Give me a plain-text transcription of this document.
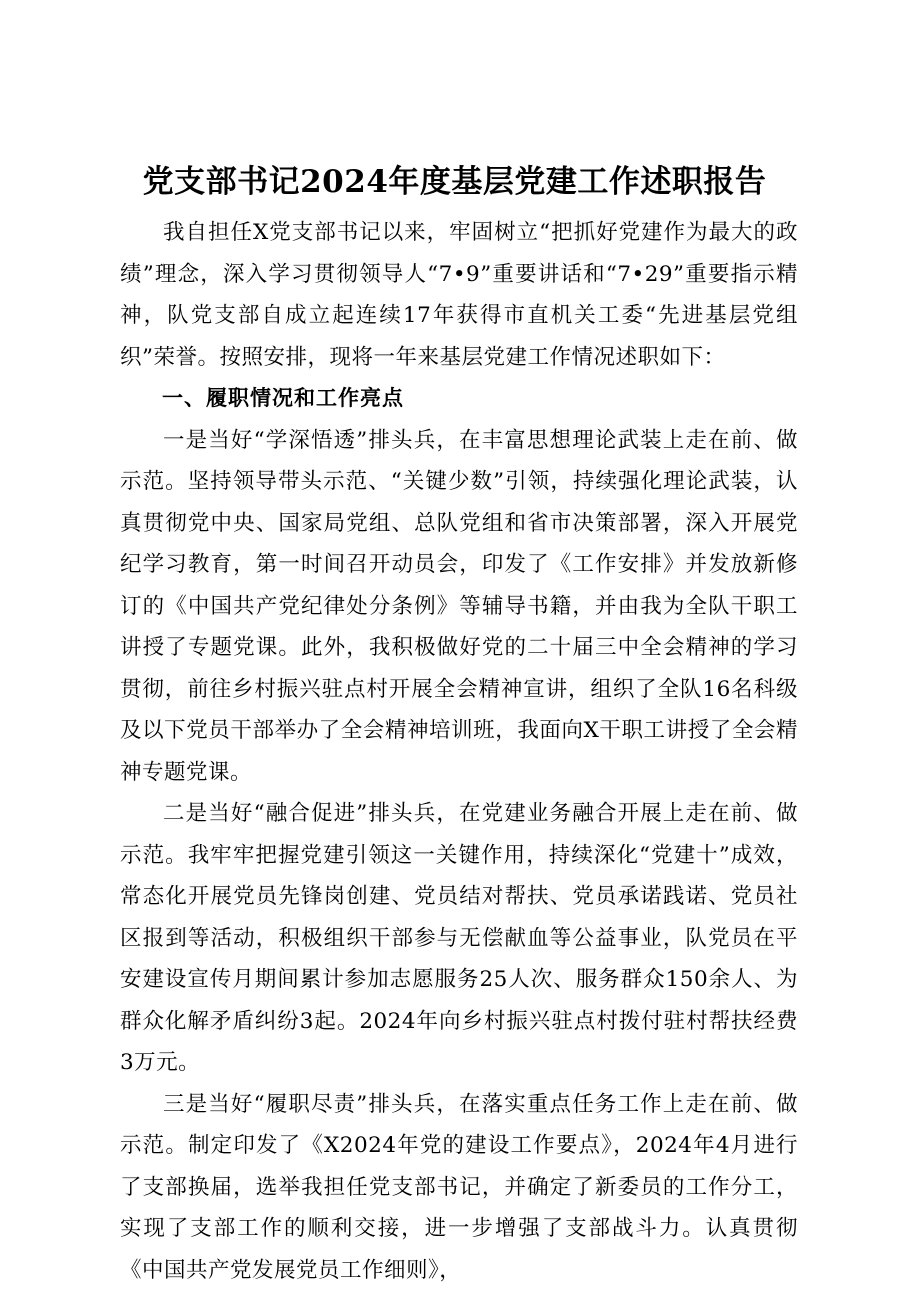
党支部书记2024年度基层党建工作述职报告

我自担任X党支部书记以来，牢固树立“把抓好党建作为最大的政绩”理念，深入学习贯彻领导人“7•9”重要讲话和“7•29”重要指示精神，队党支部自成立起连续17年获得市直机关工委“先进基层党组织”荣誉。按照安排，现将一年来基层党建工作情况述职如下：

一、履职情况和工作亮点

一是当好“学深悟透”排头兵，在丰富思想理论武装上走在前、做示范。坚持领导带头示范、“关键少数”引领，持续强化理论武装，认真贯彻党中央、国家局党组、总队党组和省市决策部署，深入开展党纪学习教育，第一时间召开动员会，印发了《工作安排》并发放新修订的《中国共产党纪律处分条例》等辅导书籍，并由我为全队干职工讲授了专题党课。此外，我积极做好党的二十届三中全会精神的学习贯彻，前往乡村振兴驻点村开展全会精神宣讲，组织了全队16名科级及以下党员干部举办了全会精神培训班，我面向X干职工讲授了全会精神专题党课。

二是当好“融合促进”排头兵，在党建业务融合开展上走在前、做示范。我牢牢把握党建引领这一关键作用，持续深化“党建十”成效，常态化开展党员先锋岗创建、党员结对帮扶、党员承诺践诺、党员社区报到等活动，积极组织干部参与无偿献血等公益事业，队党员在平安建设宣传月期间累计参加志愿服务25人次、服务群众150余人、为群众化解矛盾纠纷3起。2024年向乡村振兴驻点村拨付驻村帮扶经费3万元。

三是当好“履职尽责”排头兵，在落实重点任务工作上走在前、做示范。制定印发了《X2024年党的建设工作要点》，2024年4月进行了支部换届，选举我担任党支部书记，并确定了新委员的工作分工，实现了支部工作的顺利交接，进一步增强了支部战斗力。认真贯彻《中国共产党发展党员工作细则》，
